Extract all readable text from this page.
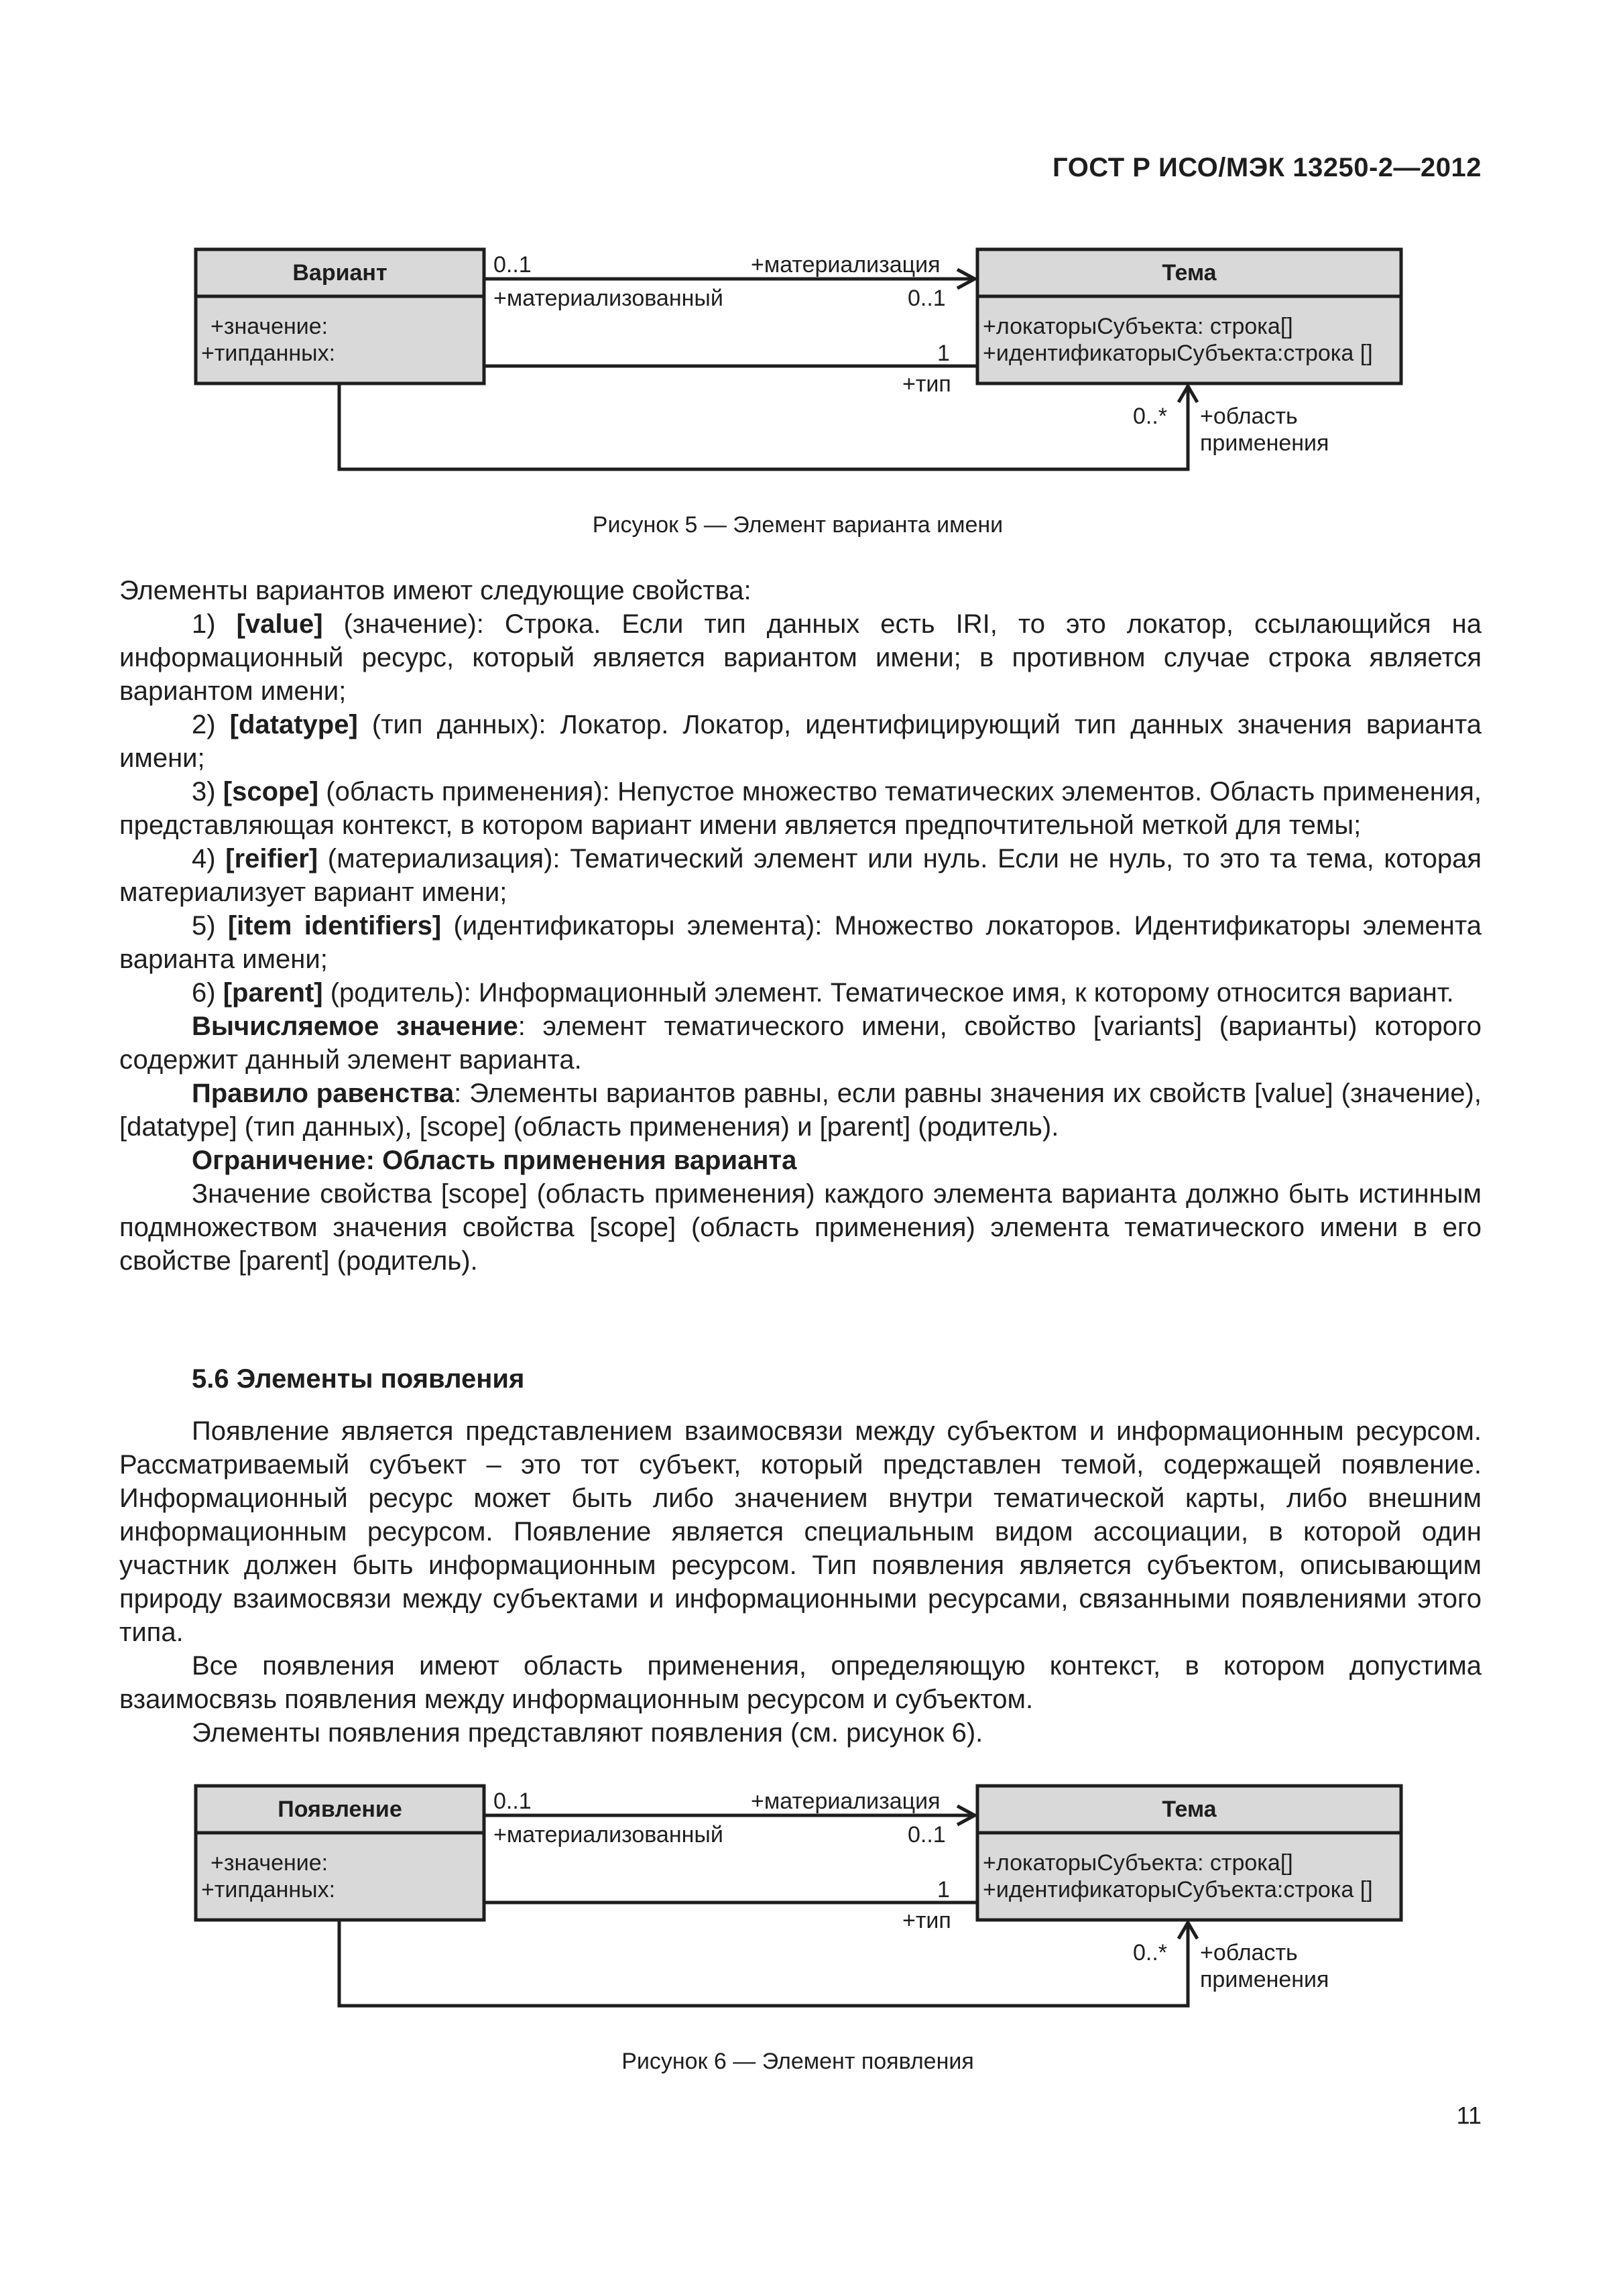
ГОСТ Р ИСО/МЭК 13250-2—2012
Вариант
+значение:
+типданных:
Тема
+локаторыСубъекта: строка[]
+идентификаторыСубъекта:строка []
0..1	+материализация
+материализованный	0..1
1
+тип
0..* +область
применения
Рисунок 5 — Элемент варианта имени

Элементы вариантов имеют следующие свойства:

1) [value] (значение): Строка. Если тип данных есть IRI, то это локатор, ссылающийся на информационный ресурс, который является вариантом имени; в противном случае строка является вариантом имени;

2) [datatype] (тип данных): Локатор. Локатор, идентифицирующий тип данных значения варианта имени;

3) [scope] (область применения): Непустое множество тематических элементов. Область применения, представляющая контекст, в котором вариант имени является предпочтительной меткой для темы;

4) [reifier] (материализация): Тематический элемент или нуль. Если не нуль, то это та тема, которая материализует вариант имени;

5) [item identifiers] (идентификаторы элемента): Множество локаторов. Идентификаторы элемента варианта имени;

6) [parent] (родитель): Информационный элемент. Тематическое имя, к которому относится вариант.

Вычисляемое значение: элемент тематического имени, свойство [variants] (варианты) которого содержит данный элемент варианта.

Правило равенства: Элементы вариантов равны, если равны значения их свойств [value] (значение), [datatype] (тип данных), [scope] (область применения) и [parent] (родитель).

Ограничение: Область применения варианта

Значение свойства [scope] (область применения) каждого элемента варианта должно быть истинным подмножеством значения свойства [scope] (область применения) элемента тематического имени в его свойстве [parent] (родитель).

5.6 Элементы появления

Появление является представлением взаимосвязи между субъектом и информационным ресурсом. Рассматриваемый субъект – это тот субъект, который представлен темой, содержащей появление. Информационный ресурс может быть либо значением внутри тематической карты, либо внешним информационным ресурсом. Появление является специальным видом ассоциации, в которой один участник должен быть информационным ресурсом. Тип появления является субъектом, описывающим природу взаимосвязи между субъектами и информационными ресурсами, связанными появлениями этого типа.

Все появления имеют область применения, определяющую контекст, в котором допустима взаимосвязь появления между информационным ресурсом и субъектом.

Элементы появления представляют появления (см. рисунок 6).

Появление
+значение:
+типданных:
Тема
+локаторыСубъекта: строка[]
+идентификаторыСубъекта:строка []
0..1	+материализация
+материализованный	0..1
1
+тип
0..* +область
применения
Рисунок 6 — Элемент появления
11
